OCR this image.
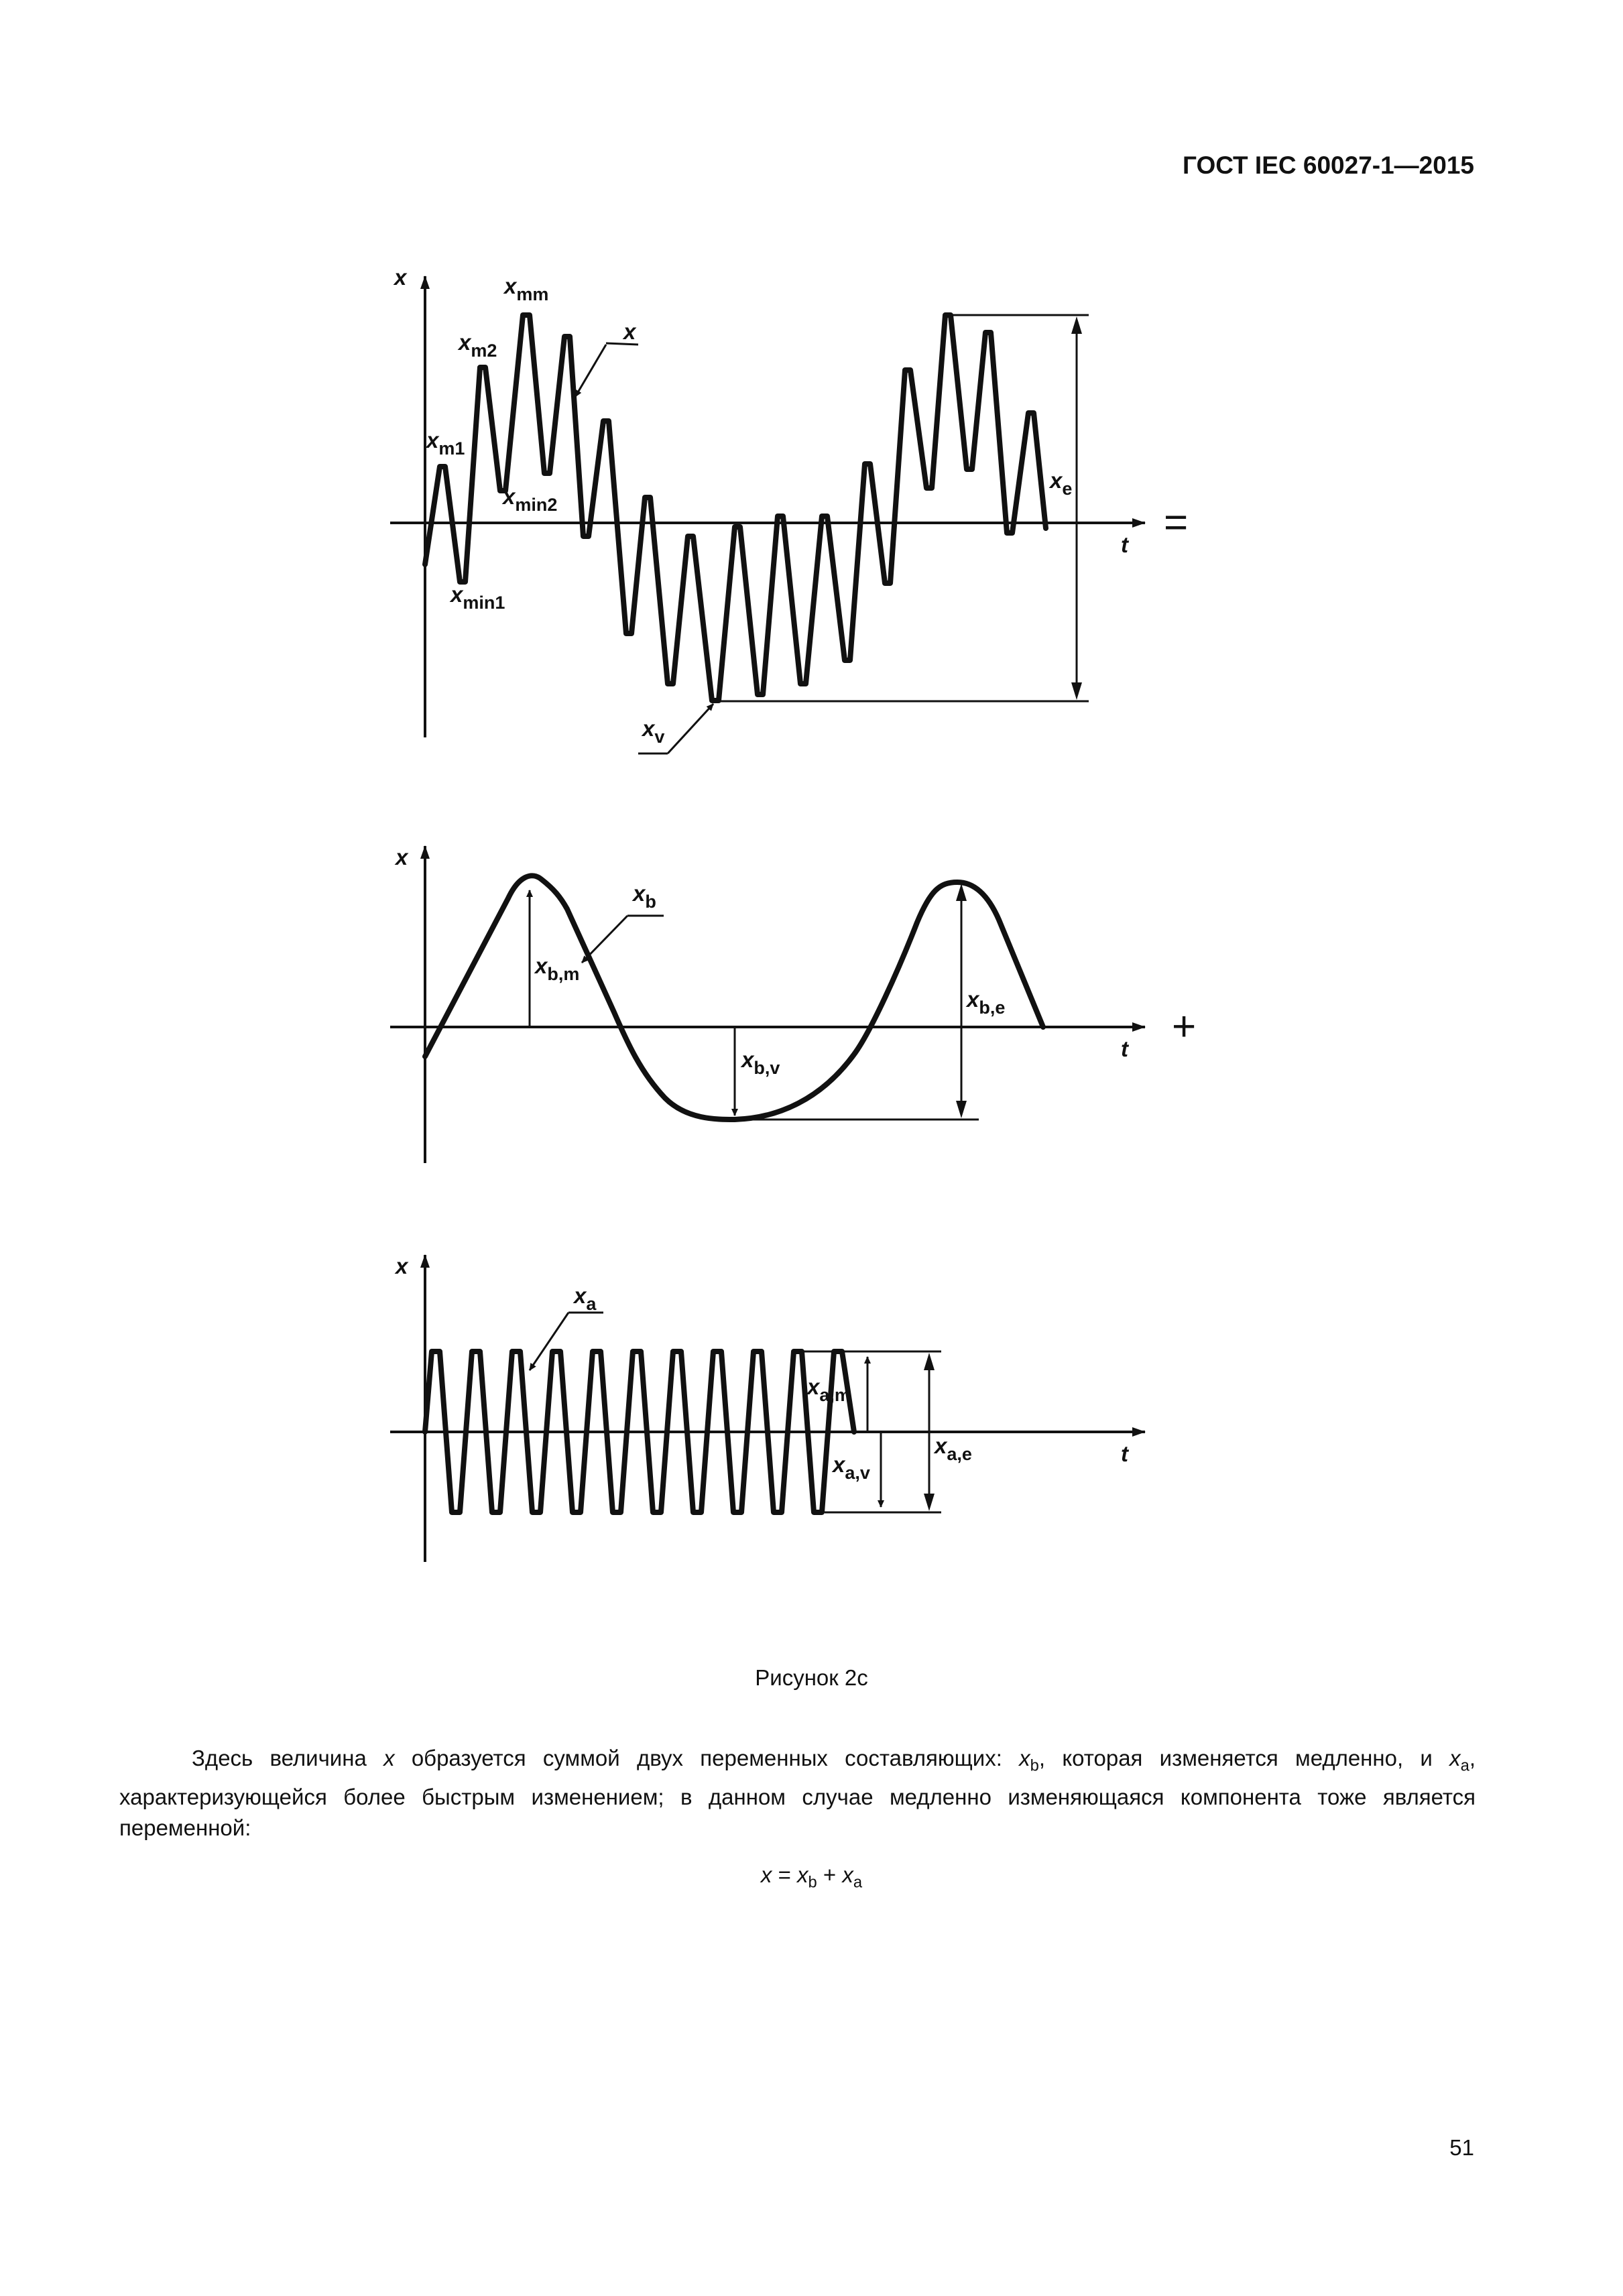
ГОСТ IEC 60027-1—2015
x
t
x
$x_{mm}$
$x_{m2}$
$x_{m1}$
$x_{min2}$
$x_{min1}$
$x_e$
$x_v$
=
x
t
$x_b$
$x_{b,m}$
$x_{b,e}$
$x_{b,v}$
+
x
t
$x_a$
$x_{a,m}$
$x_{a,v}$
$x_{a,e}$
Рисунок 2с

Здесь величина x образуется суммой двух переменных составляющих: $x_b$, которая изменяется медленно, и $x_a$, характеризующейся более быстрым изменением; в данном случае медленно изменяющаяся компонента тоже является переменной:

$x = x_b + x_a$
51
